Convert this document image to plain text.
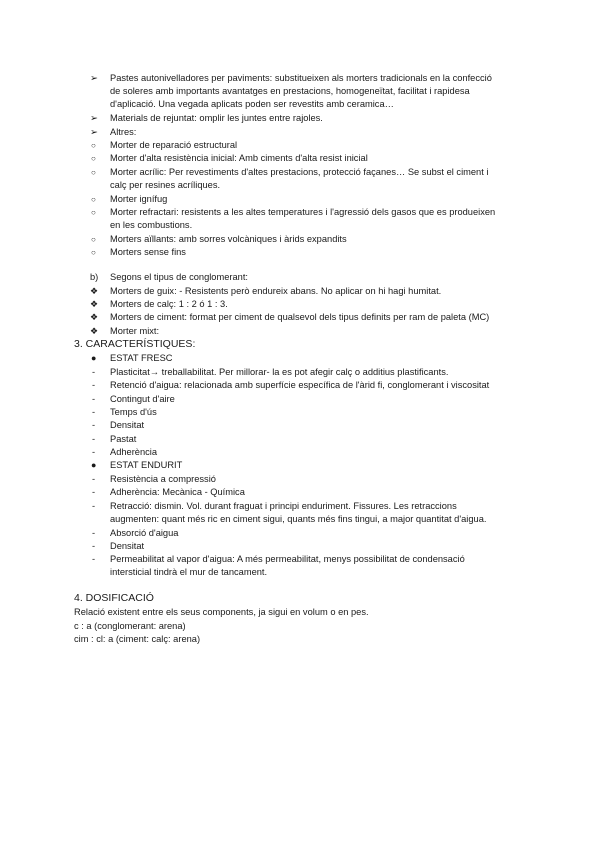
➢	Pastes autonivelladores per paviments: substitueixen als morters tradicionals en la confecció
de soleres amb importants avantatges en prestacions, homogeneïtat, facilitat i rapidesa
d'aplicació. Una vegada aplicats poden ser revestits amb ceramica…
➢	Materials de rejuntat: omplir les juntes entre rajoles.
➢	Altres:
○	Morter de reparació estructural
○	Morter d'alta resistència inicial: Amb ciments d'alta resist inicial
○	Morter acrílic: Per revestiments d'altes prestacions, protecció façanes… Se subst el ciment i
calç per resines acríliques.
○	Morter ignífug
○	Morter refractari: resistents a les altes temperatures i l'agressió dels gasos que es produeixen
en les combustions.
○	Morters aïllants: amb sorres volcàniques i àrids expandits
○	Morters sense fins
b)	Segons el tipus de conglomerant:
❖	Morters de guix: - Resistents però endureix abans. No aplicar on hi hagi humitat.
❖	Morters de calç: 1 : 2 ó 1 : 3.
❖	Morters de ciment: format per ciment de qualsevol dels tipus definits per ram de paleta (MC)
❖	Morter mixt:
3. CARACTERÍSTIQUES:
●	ESTAT FRESC
-	Plasticitat→ treballabilitat. Per millorar- la es pot afegir calç o additius plastificants.
-	Retenció d'aigua: relacionada amb superfície específica de l'àrid fi, conglomerant i viscositat
-	Contingut d'aire
-	Temps d'ús
-	Densitat
-	Pastat
-	Adherència
●	ESTAT ENDURIT
-	Resistència a compressió
-	Adherència: Mecànica - Química
-	Retracció: dismin. Vol. durant fraguat i principi enduriment. Fissures. Les retraccions
augmenten: quant més ric en ciment sigui, quants més fins tingui, a major quantitat d'aigua.
-	Absorció d'aigua
-	Densitat
-	Permeabilitat al vapor d'aigua: A més permeabilitat, menys possibilitat de condensació
intersticial tindrà el mur de tancament.
4. DOSIFICACIÓ
Relació existent entre els seus components, ja sigui en volum o en pes.
c : a (conglomerant: arena)
cim : cl: a (ciment: calç: arena)
